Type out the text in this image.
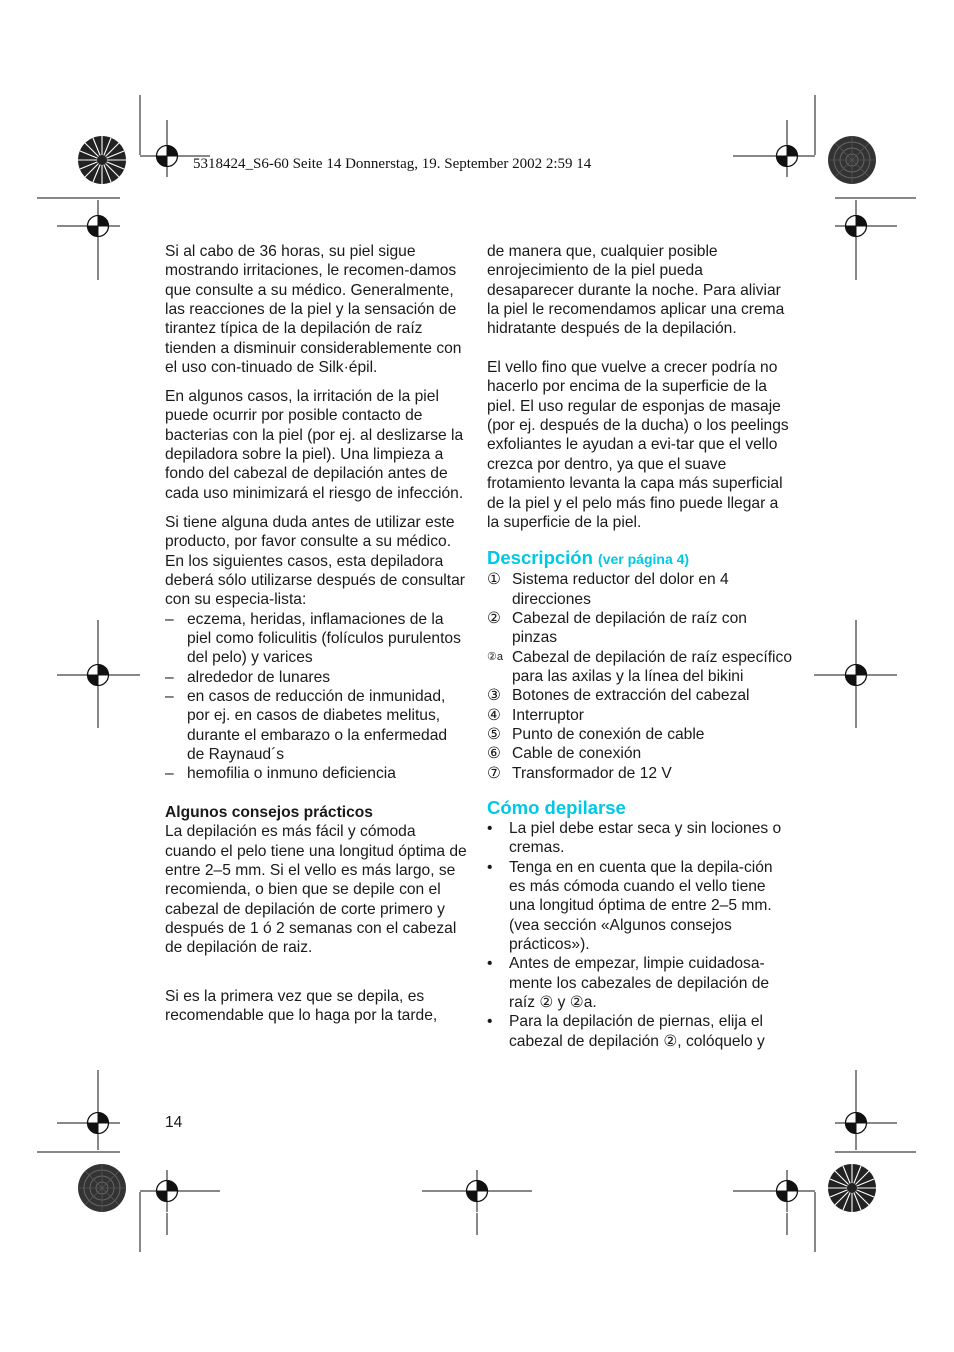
5318424_S6-60 Seite 14 Donnerstag, 19. September 2002 2:59 14

Si al cabo de 36 horas, su piel sigue mostrando irritaciones, le recomen-damos que consulte a su médico. Generalmente, las reacciones de la piel y la sensación de tirantez típica de la depilación de raíz tienden a disminuir considerablemente con el uso con-tinuado de Silk·épil.

En algunos casos, la irritación de la piel puede ocurrir por posible contacto de bacterias con la piel (por ej. al deslizarse la depiladora sobre la piel). Una limpieza a fondo del cabezal de depilación antes de cada uso minimizará el riesgo de infección.

Si tiene alguna duda antes de utilizar este producto, por favor consulte a su médico. En los siguientes casos, esta depiladora deberá sólo utilizarse después de consultar con su especia-lista:

– eczema, heridas, inflamaciones de la piel como foliculitis (folículos purulentos del pelo) y varices
– alrededor de lunares
– en casos de reducción de inmunidad, por ej. en casos de diabetes melitus, durante el embarazo o la enfermedad de Raynaud´s
– hemofilia o inmuno deficiencia
Algunos consejos prácticos

La depilación es más fácil y cómoda cuando el pelo tiene una longitud óptima de entre 2–5 mm. Si el vello es más largo, se recomienda, o bien que se depile con el cabezal de depilación de corte primero y después de 1 ó 2 semanas con el cabezal de depilación de raiz.

Si es la primera vez que se depila, es recomendable que lo haga por la tarde,

de manera que, cualquier posible enrojecimiento de la piel pueda desaparecer durante la noche. Para aliviar la piel le recomendamos aplicar una crema hidratante después de la depilación.

El vello fino que vuelve a crecer podría no hacerlo por encima de la superficie de la piel. El uso regular de esponjas de masaje (por ej. después de la ducha) o los peelings exfoliantes le ayudan a evi-tar que el vello crezca por dentro, ya que el suave frotamiento levanta la capa más superficial de la piel y el pelo más fino puede llegar a la superficie de la piel.

Descripción (ver página 4)
① Sistema reductor del dolor en 4 direcciones
② Cabezal de depilación de raíz con pinzas
②a Cabezal de depilación de raíz específico para las axilas y la línea del bikini
③ Botones de extracción del cabezal
④ Interruptor
⑤ Punto de conexión de cable
⑥ Cable de conexión
⑦ Transformador de 12 V
Cómo depilarse
• La piel debe estar seca y sin lociones o cremas.
• Tenga en en cuenta que la depila-ción es más cómoda cuando el vello tiene una longitud óptima de entre 2–5 mm. (vea sección «Algunos consejos prácticos»).
• Antes de empezar, limpie cuidadosa-mente los cabezales de depilación de raíz ② y ②a.
• Para la depilación de piernas, elija el cabezal de depilación ②, colóquelo y
14
